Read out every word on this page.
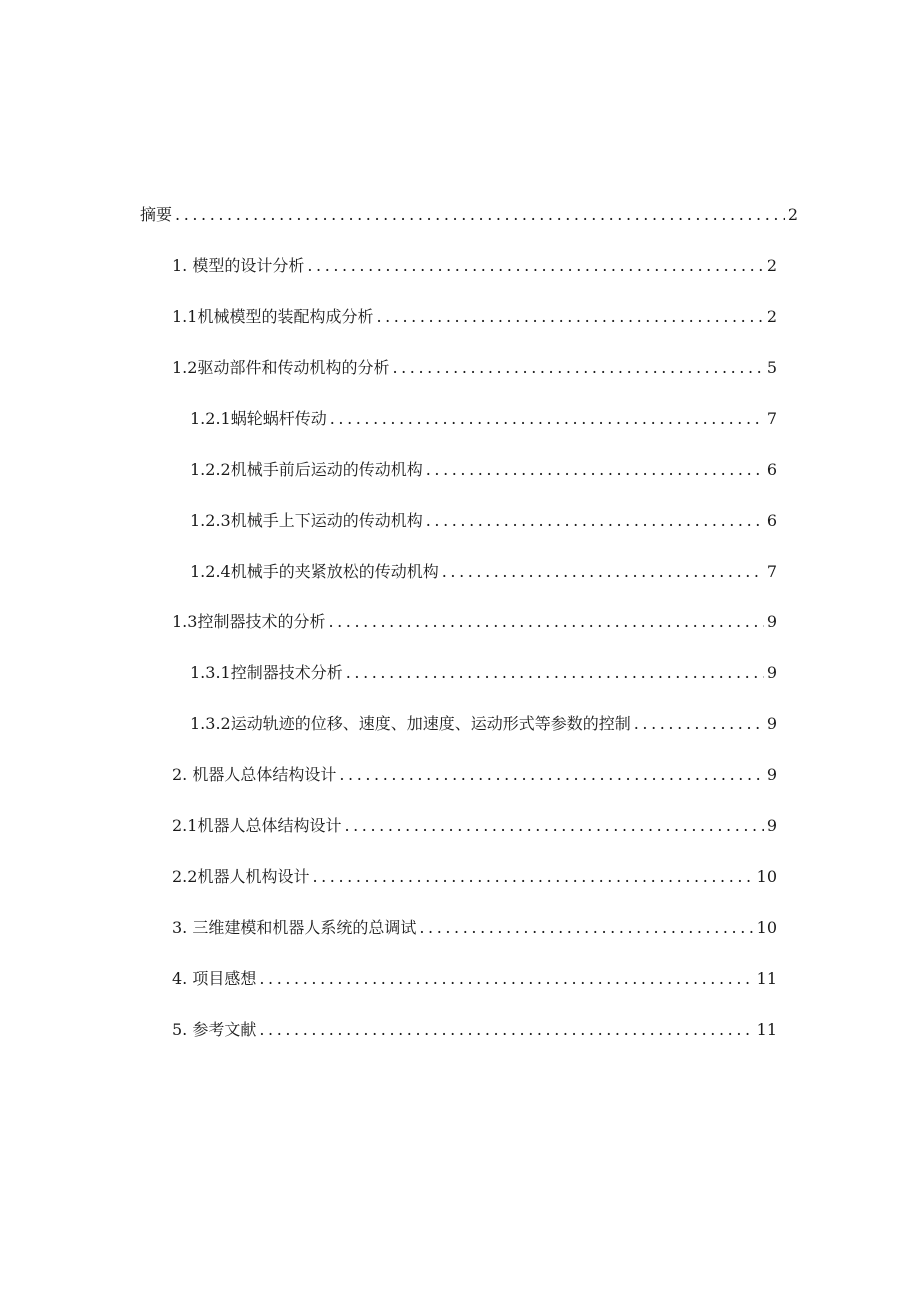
摘要 . . .	2
1. 模型的设计分析 . . .	2
1.1机械模型的装配构成分析 . . .	2
1.2驱动部件和传动机构的分析 . . .	5
1.2.1蜗轮蜗杆传动 . . .	7
1.2.2机械手前后运动的传动机构 . . .	6
1.2.3机械手上下运动的传动机构 . . .	6
1.2.4机械手的夹紧放松的传动机构 . . .	7
1.3控制器技术的分析 . . .	9
1.3.1控制器技术分析 . . .	9
1.3.2运动轨迹的位移、速度、加速度、运动形式等参数的控制 . . .	9
2. 机器人总体结构设计 . . .	9
2.1机器人总体结构设计 . . .	9
2.2机器人机构设计 . . .	10
3. 三维建模和机器人系统的总调试 . . .	10
4. 项目感想 . . .	11
5. 参考文献 . . .	11
